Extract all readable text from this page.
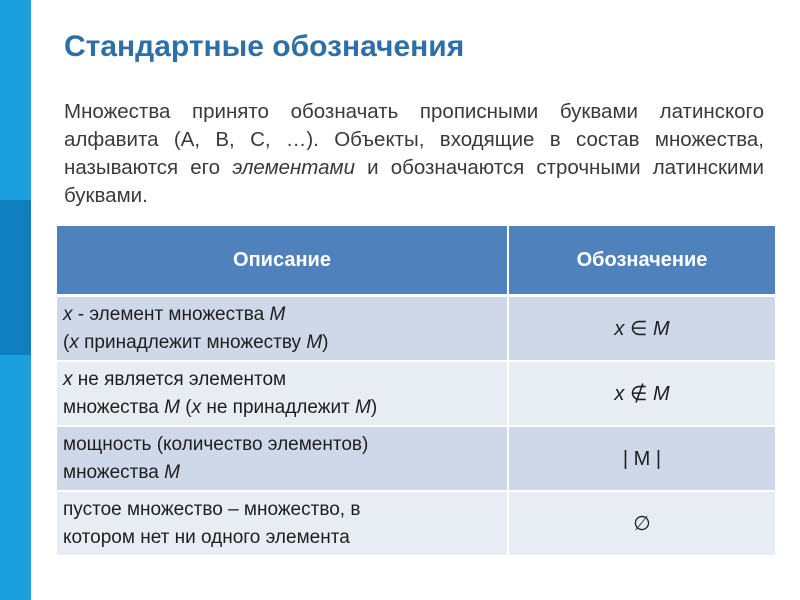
Стандартные обозначения
Множества принято обозначать прописными буквами латинского алфавита (A, B, C, …). Объекты, входящие в состав множества, называются его элементами и обозначаются строчными латинскими буквами.
Описание	Обозначение
x - элемент множества M
(x принадлежит множеству M)	x ∈ M
x не является элементом
множества M (x не принадлежит M)	x ∉ M
мощность (количество элементов)
множества M	| M |
пустое множество – множество, в
котором нет ни одного элемента	∅
